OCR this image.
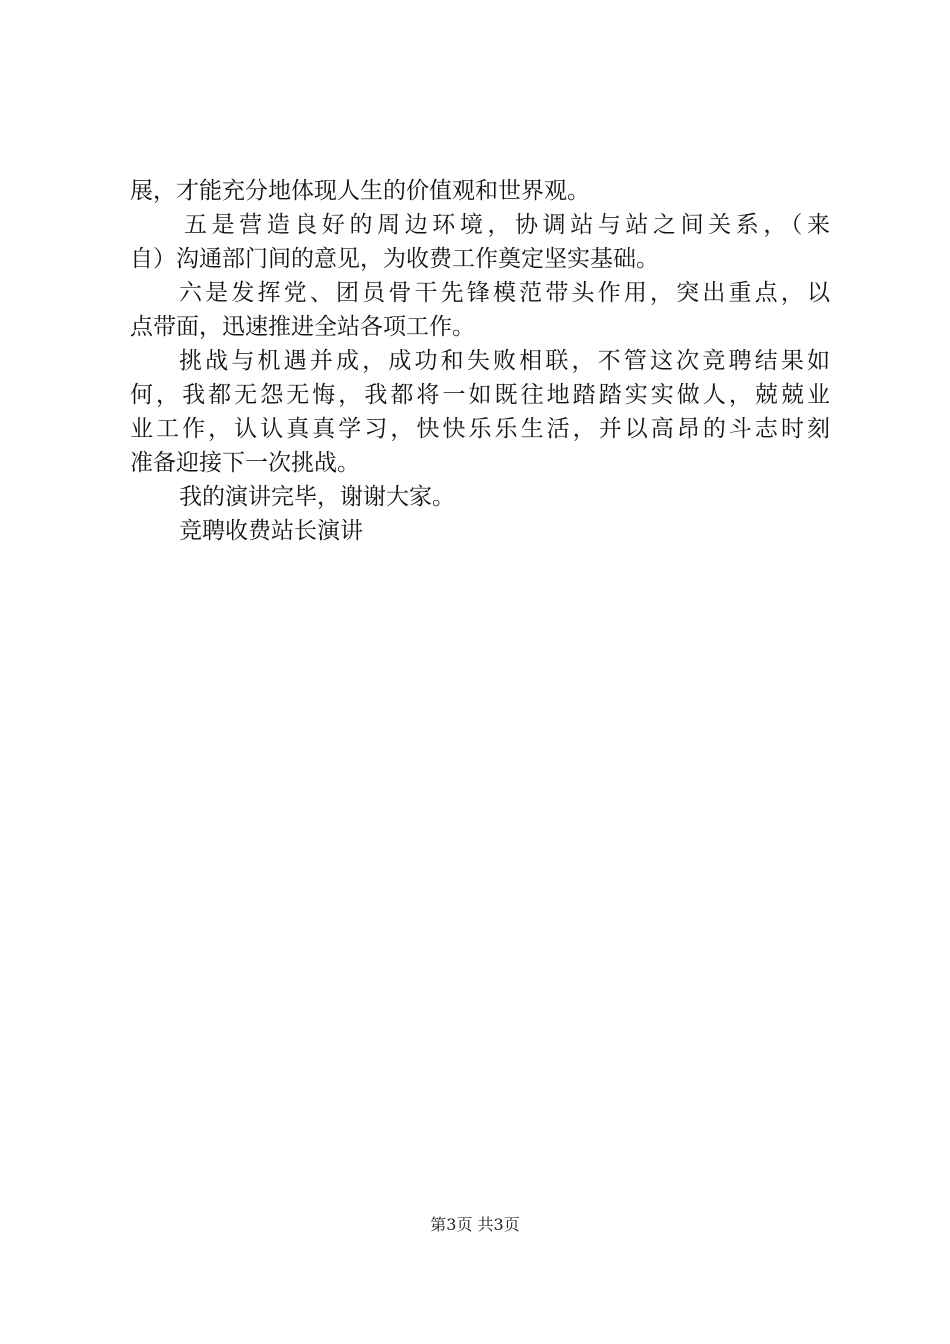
展，才能充分地体现人生的价值观和世界观。
五是营造良好的周边环境，协调站与站之间关系，（来
自）沟通部门间的意见，为收费工作奠定坚实基础。
六是发挥党、团员骨干先锋模范带头作用，突出重点，以
点带面，迅速推进全站各项工作。
挑战与机遇并成，成功和失败相联，不管这次竞聘结果如
何，我都无怨无悔，我都将一如既往地踏踏实实做人，兢兢业
业工作，认认真真学习，快快乐乐生活，并以高昂的斗志时刻
准备迎接下一次挑战。
我的演讲完毕，谢谢大家。
竞聘收费站长演讲
第3页 共3页
